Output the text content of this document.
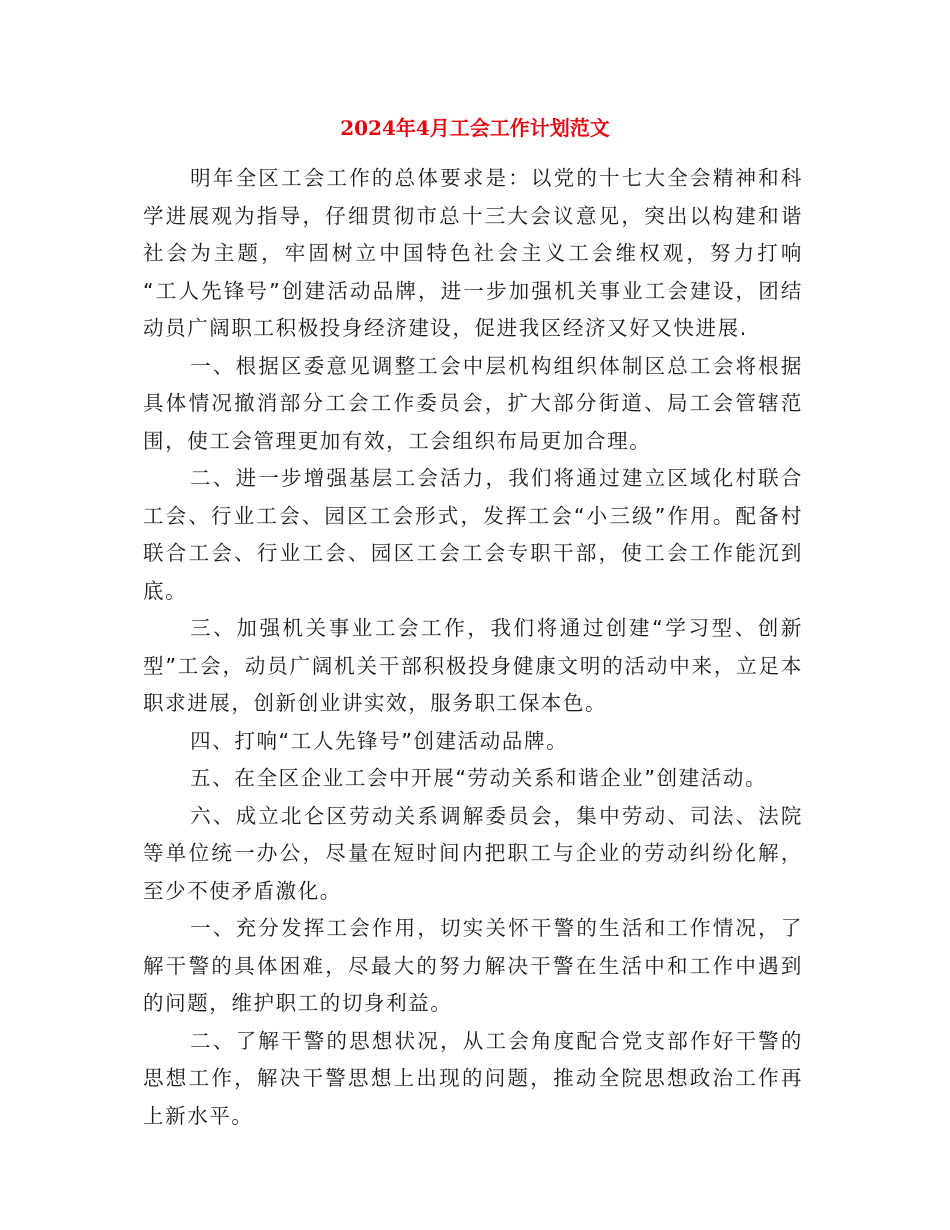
2024年4月工会工作计划范文

明年全区工会工作的总体要求是：以党的十七大全会精神和科学进展观为指导，仔细贯彻市总十三大会议意见，突出以构建和谐社会为主题，牢固树立中国特色社会主义工会维权观，努力打响 “工人先锋号”创建活动品牌，进一步加强机关事业工会建设，团结动员广阔职工积极投身经济建设，促进我区经济又好又快进展.

一、根据区委意见调整工会中层机构组织体制区总工会将根据具体情况撤消部分工会工作委员会，扩大部分街道、局工会管辖范围，使工会管理更加有效，工会组织布局更加合理。

二、进一步增强基层工会活力，我们将通过建立区域化村联合工会、行业工会、园区工会形式，发挥工会“小三级”作用。配备村联合工会、行业工会、园区工会工会专职干部，使工会工作能沉到底。

三、加强机关事业工会工作，我们将通过创建“学习型、创新型”工会，动员广阔机关干部积极投身健康文明的活动中来，立足本职求进展，创新创业讲实效，服务职工保本色。

四、打响“工人先锋号”创建活动品牌。

五、在全区企业工会中开展“劳动关系和谐企业”创建活动。

六、成立北仑区劳动关系调解委员会，集中劳动、司法、法院等单位统一办公，尽量在短时间内把职工与企业的劳动纠纷化解，至少不使矛盾激化。

一、充分发挥工会作用，切实关怀干警的生活和工作情况，了解干警的具体困难，尽最大的努力解决干警在生活中和工作中遇到的问题，维护职工的切身利益。

二、了解干警的思想状况，从工会角度配合党支部作好干警的思想工作，解决干警思想上出现的问题，推动全院思想政治工作再上新水平。
